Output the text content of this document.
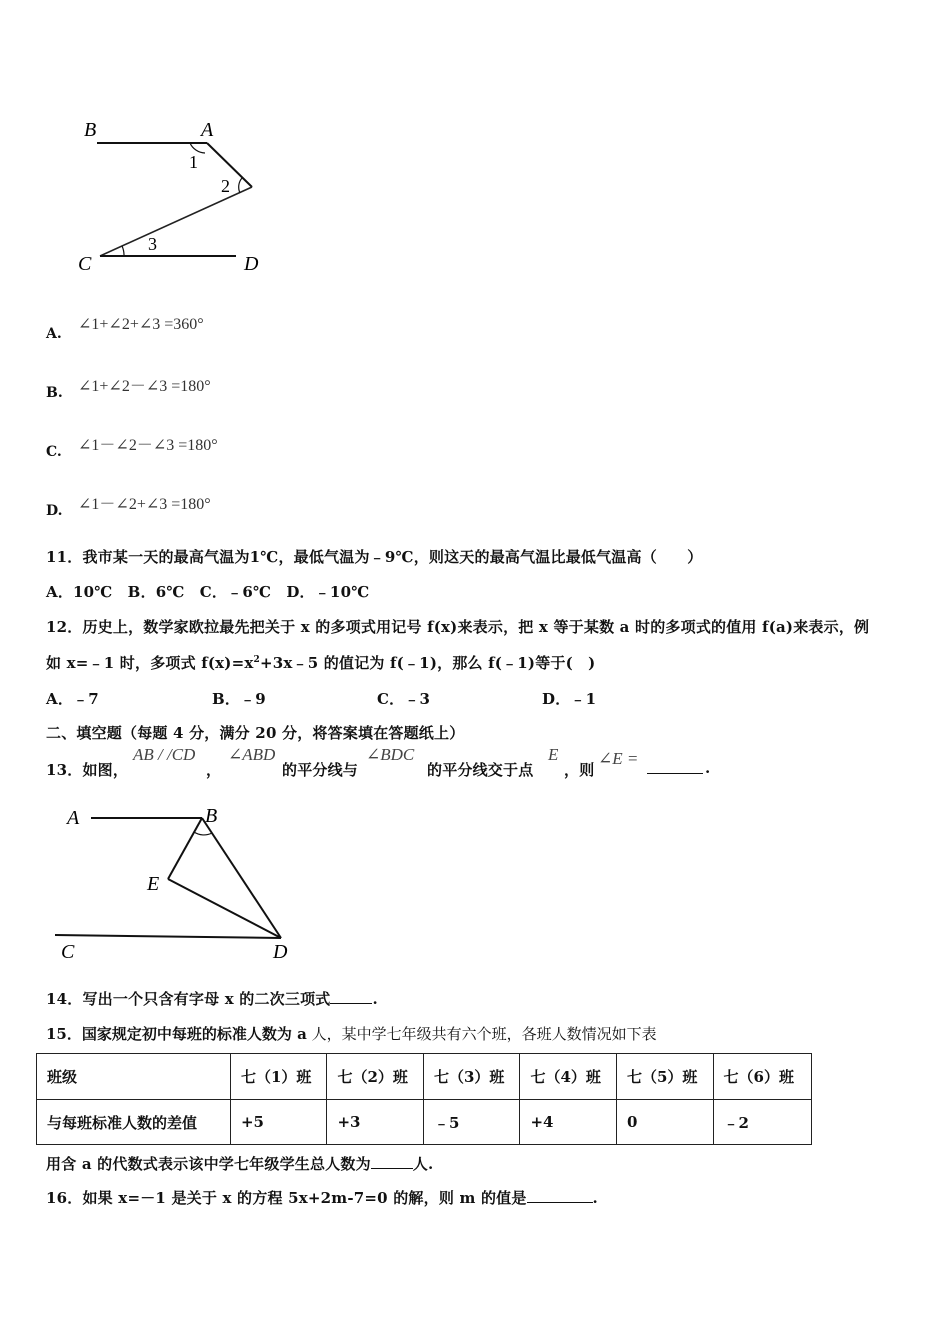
B	A
C	D
1
2
3
A.
∠1+∠2+∠3 =360°
B. ∠1+∠2－∠3 =180°
C. ∠1－∠2－∠3 =180°
D. ∠1－∠2+∠3 =180°
11．我市某一天的最高气温为1℃，最低气温为﹣9℃，则这天的最高气温比最低气温高（　　）
A．10℃　B．6℃　C．﹣6℃　D．﹣10℃
12．历史上，数学家欧拉最先把关于 x 的多项式用记号 f(x)来表示，把 x 等于某数 a 时的多项式的值用 f(a)来表示，例
如 x=﹣1 时，多项式 $f(x)=x^2+3x﹣5$ 的值记为 f(﹣1)，那么 f(﹣1)等于(　)
A．﹣7	B．﹣9	C．﹣3	D．﹣1
二、填空题（每题 4 分，满分 20 分，将答案填在答题纸上）
13．如图，
AB / /CD
，
∠ABD
的平分线与
∠BDC
的平分线交于点
E
，则
∠E =	.
A	B
E
C	D
14．写出一个只含有字母 x 的二次三项式	.
15．国家规定初中每班的标准人数为 a 人，某中学七年级共有六个班，各班人数情况如下表
班级	七（1）班	七（2）班	七（3）班	七（4）班	七（5）班	七（6）班
与每班标准人数的差值	+5	+3	﹣5	+4	0	﹣2
用含 a 的代数式表示该中学七年级学生总人数为	人.
16．如果 x=－1 是关于 x 的方程 5x+2m-7=0 的解，则 m 的值是	.
